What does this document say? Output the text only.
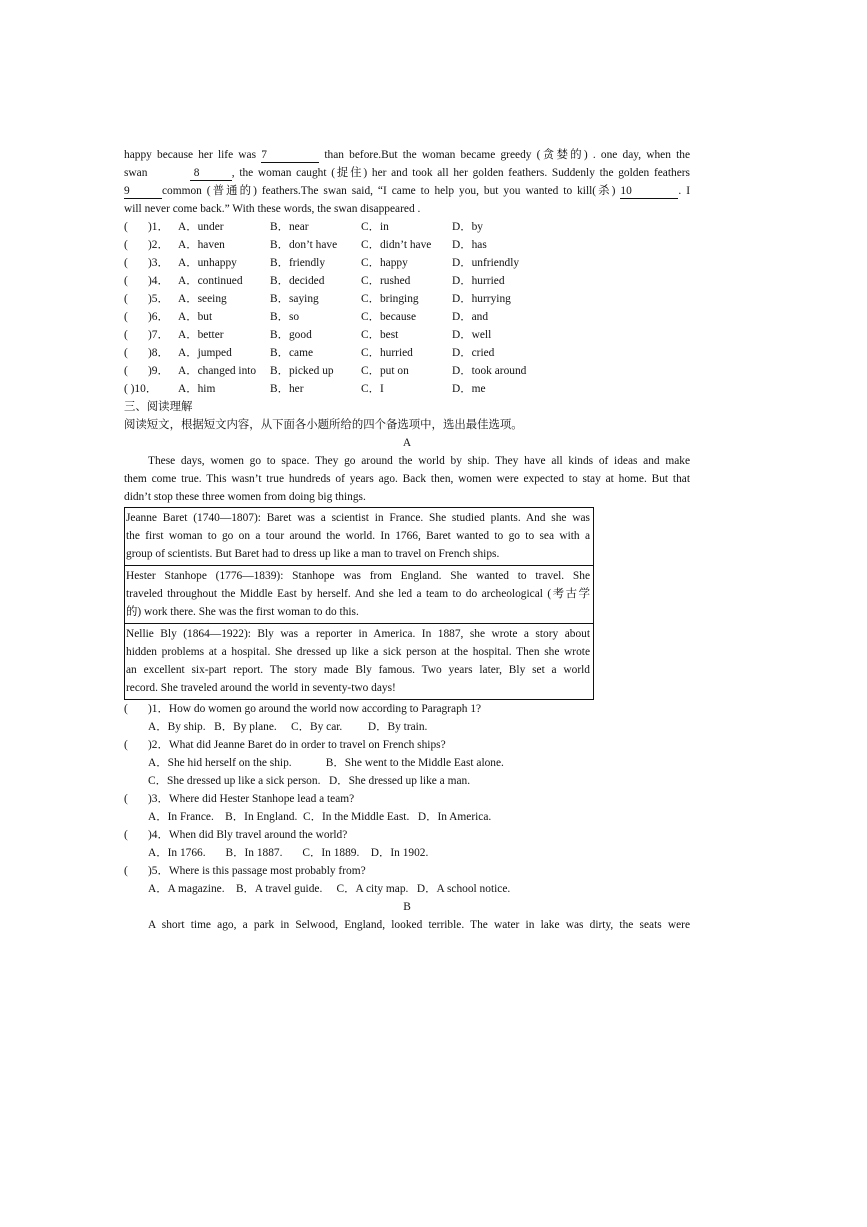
happy because her life was 7	than before.But the woman became greedy (贪婪的) . one day, when the
swan	8	, the woman caught (捉住) her and took all her golden feathers. Suddenly the golden feathers
9	common (普通的) feathers.The swan said, “I came to help you, but you wanted to kill(杀) 10	. I
will never come back.” With these words, the swan disappeared .
(	)1． A．under	B．near	C．in	D．by
(	)2． A．haven	B．don’t have	C．didn’t have	D．has
(	)3． A．unhappy	B．friendly	C．happy	D．unfriendly
(	)4． A．continued	B．decided	C．rushed	D．hurried
(	)5． A．seeing	B．saying	C．bringing	D．hurrying
(	)6． A．but	B．so	C．because	D．and
(	)7． A．better	B．good	C．best	D．well
(	)8． A．jumped	B．came	C．hurried	D．cried
(	)9． A．changed into	B．picked up	C．put on	D．took around
( )10．	A．him	B．her	C．I	D．me
三、阅读理解
阅读短文，根据短文内容，从下面各小题所给的四个备选项中，选出最佳选项。
A
These days, women go to space. They go around the world by ship. They have all kinds of ideas and make
them come true. This wasn’t true hundreds of years ago. Back then, women were expected to stay at home. But that
didn’t stop these three women from doing big things.
Jeanne Baret (1740—1807): Baret was a scientist in France. She studied plants. And she was
the first woman to go on a tour around the world. In 1766, Baret wanted to go to sea with a
group of scientists. But Baret had to dress up like a man to travel on French ships.
Hester Stanhope (1776—1839): Stanhope was from England. She wanted to travel. She
traveled throughout the Middle East by herself. And she led a team to do archeological (考古学
的) work there. She was the first woman to do this.
Nellie Bly (1864—1922): Bly was a reporter in America. In 1887, she wrote a story about
hidden problems at a hospital. She dressed up like a sick person at the hospital. Then she wrote
an excellent six-part report. The story made Bly famous. Two years later, Bly set a world
record. She traveled around the world in seventy-two days!
( )1．How do women go around the world now according to Paragraph 1?
A．By ship.   B．By plane.     C．By car.         D．By train.
( )2．What did Jeanne Baret do in order to travel on French ships?
A．She hid herself on the ship.            B．She went to the Middle East alone.
C．She dressed up like a sick person.   D．She dressed up like a man.
( )3．Where did Hester Stanhope lead a team?
A．In France.    B．In England.  C．In the Middle East.   D．In America.
( )4．When did Bly travel around the world?
A．In 1766.       B．In 1887.       C．In 1889.    D．In 1902.
( )5．Where is this passage most probably from?
A．A magazine.    B．A travel guide.     C．A city map.   D．A school notice.
B
A short time ago, a park in Selwood, England, looked terrible. The water in lake was dirty, the seats were
